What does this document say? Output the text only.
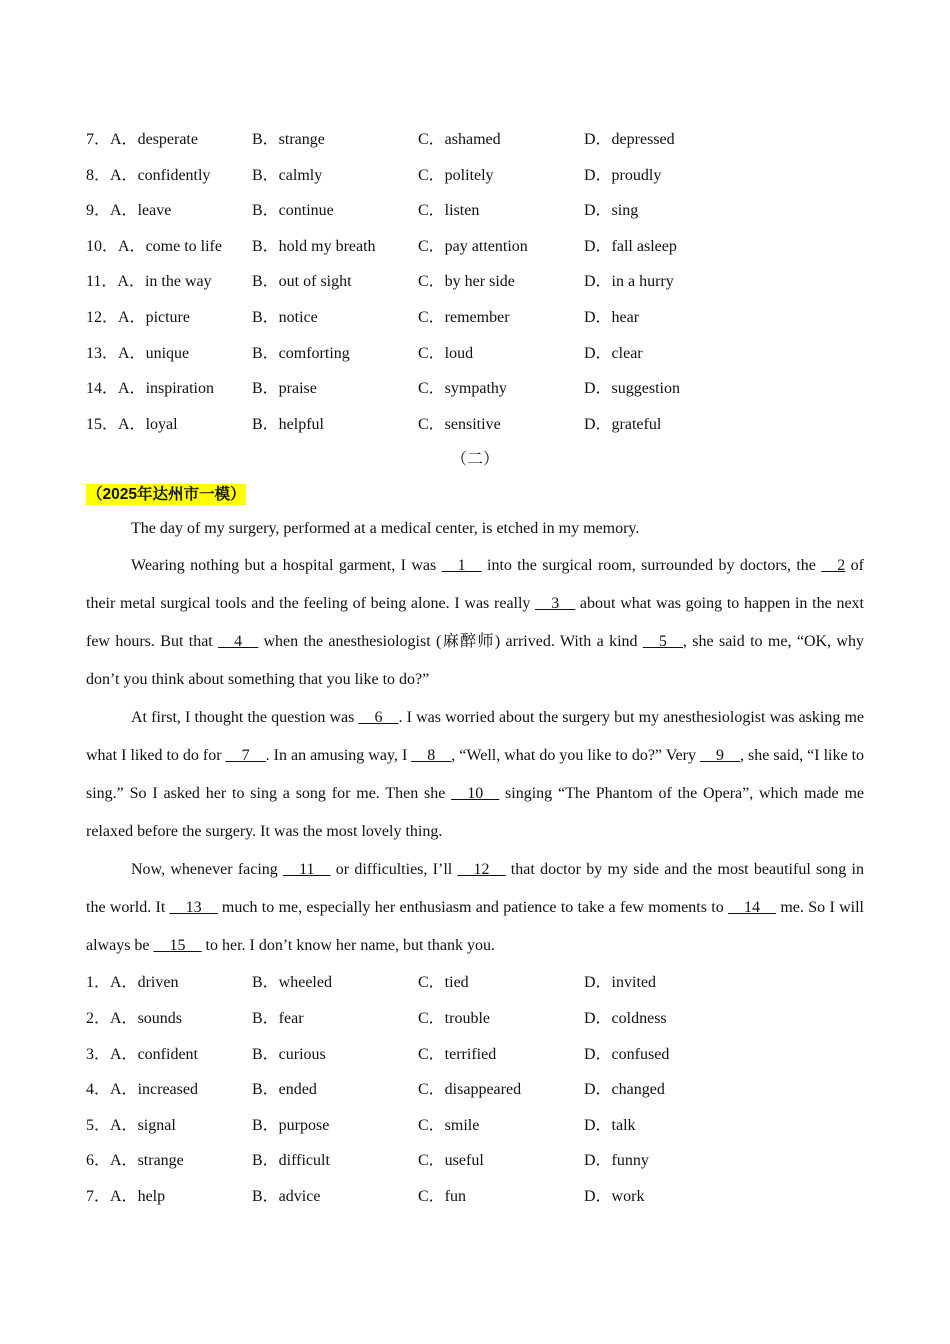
7．A．desperate	B．strange	C．ashamed	D．depressed
8．A．confidently	B．calmly	C．politely	D．proudly
9．A．leave	B．continue	C．listen	D．sing
10．A．come to life	B．hold my breath	C．pay attention	D．fall asleep
11．A．in the way	B．out of sight	C．by her side	D．in a hurry
12．A．picture	B．notice	C．remember	D．hear
13．A．unique	B．comforting	C．loud	D．clear
14．A．inspiration	B．praise	C．sympathy	D．suggestion
15．A．loyal	B．helpful	C．sensitive	D．grateful
（二）
（2025年达州市一模）

The day of my surgery, performed at a medical center, is etched in my memory.

Wearing nothing but a hospital garment, I was __1__ into the surgical room, surrounded by doctors, the __2 of their metal surgical tools and the feeling of being alone. I was really __3__ about what was going to happen in the next few hours. But that __4__ when the anesthesiologist (麻醉师) arrived. With a kind __5__, she said to me, “OK, why don’t you think about something that you like to do?”

At first, I thought the question was __6__. I was worried about the surgery but my anesthesiologist was asking me what I liked to do for __7__. In an amusing way, I __8__, “Well, what do you like to do?” Very __9__, she said, “I like to sing.” So I asked her to sing a song for me. Then she __10__ singing “The Phantom of the Opera”, which made me relaxed before the surgery. It was the most lovely thing.

Now, whenever facing __11__ or difficulties, I’ll __12__ that doctor by my side and the most beautiful song in the world. It __13__ much to me, especially her enthusiasm and patience to take a few moments to __14__ me. So I will always be __15__ to her. I don’t know her name, but thank you.

1．A．driven	B．wheeled	C．tied	D．invited
2．A．sounds	B．fear	C．trouble	D．coldness
3．A．confident	B．curious	C．terrified	D．confused
4．A．increased	B．ended	C．disappeared	D．changed
5．A．signal	B．purpose	C．smile	D．talk
6．A．strange	B．difficult	C．useful	D．funny
7．A．help	B．advice	C．fun	D．work
